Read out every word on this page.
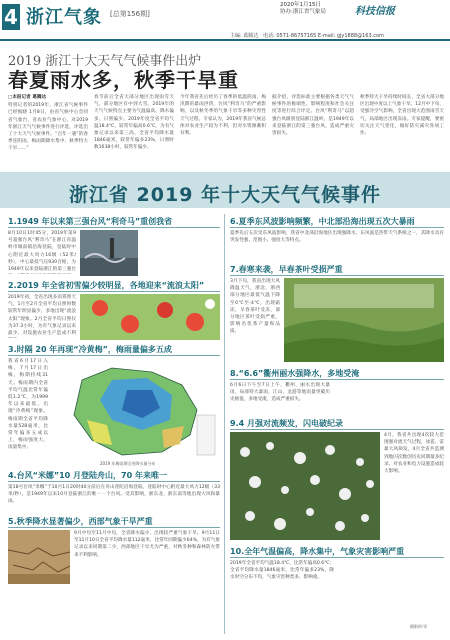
4 浙江气象 [总第156期]
2020年1月15日
协办:浙江省气象局	科技信报
主编: 葛腾达 电话: 0571-86757165 E-mail: gjy1888@163.com
2019 浙江十大天气气候事件出炉
春夏雨水多，秋季干旱重
□本报记者 葛腾达
特别记者的2019年，浙江省气候事件已经揭晓 1月8日，由省气候中心会同省气象台、省农业气象中心，对2019 年浙江天气气候事件进行评选，评选出了十大天气气候事件。“百年一遇”的春季连阴雨、梅雨期降水集中、秋季特大干旱……”
春节前后全省大部分地区出现雨雪天气，部分地区有中到大雪。2019年的天气气候特点主要为气温偏高、降水偏多、日照偏少。2019年度全省平均气温18.4℃，较常年偏高0.6℃，为有气象记录以来第三高，全省平均降水量1846毫米，较常年偏多23%，日照时数1638小时，较常年偏少。
今年我省先后经历了春季的低温阴雨、梅汛期的暴雨洪涝、台风“利奇马”的严重影响，以及秋冬季的气象干旱等多种灾害性天气过程。专家认为，2019年我省气候总体对农业生产较为不利，但对水资源蓄积有利。
据介绍，评选标准主要根据各类天气气候事件的极端性、影响程度和社会关注度等进行综合评定。台风“利奇马”以超强台风级别登陆浙江温岭，是1949年以来登陆浙江的第三强台风，造成严重灾害损失。
秋季特大干旱持续时间长，全省大部分地区出现中度以上气象干旱。12月中下旬，受强冷空气影响，全省出现大范围雨雪天气，局部地区出现冻雨。专家提醒，要密切关注天气变化，做好防灾减灾各项工作。
浙江省 2019 年十大天气气候事件
1.1949 年以来第三强台风“利奇马”重创我省
8月10日1时45分，2019年第9号超强台风“利奇马”在浙江省温岭市城南镇沿海登陆，登陆时中心附近最大风力16级（52米/秒），中心最低气压930百帕，为1949年以来登陆浙江的第三强台
2.2019 年全省初雪偏少较明显，各地迎来“流浪太阳”
2019年初，全省出现多雨寡照天气，1月至2月全省平均日照时数较常年明显偏少，多地出现“流浪太阳”现象。2月全省平均日照仅为37.3小时，为有气象记录以来最少，对设施农业生产造成不利
3.时隔 20 年再现“冷黄梅”，梅雨量偏多五成
我省6月17日入梅，7月17日出梅，梅期持续31天。梅雨期内全省平均气温比常年偏低1.2℃，为1999年以来最低，出现“冷黄梅”现象。梅雨期全省平均降水量528毫米，比常年偏多五成以上，梅雨强度大，雨量集中。
2019 年梅雨期全省降水量分布
4.台风“米娜”10 月登陆舟山，70 年来唯一
第18号台风“米娜”于10月1日20时40分前后在舟山普陀沿海登陆，登陆时中心附近最大风力12级（33米/秒），是1949年以来10月登陆浙江的唯一一个台风。受其影响，浙东北、浙东南等地出现大风和暴雨。
5.秋季降水显著偏少，西部气象干旱严重
9月中旬至11月中旬，全省降水偏少，出现较严重气象干旱。9月11日至11月10日全省平均降水量112毫米，比常年同期偏少64%，为有气象记录以来同期第二少，西部地区干旱尤为严重，对秋冬种和森林防火带来不利影响。
6.夏季东风波影响频繁，中北部沿海出现五次大暴雨
夏季先后五次受东风波影响，我省中北部沿海地区出现强降水。东风波是热带天气系统之一，其降水具有突发性强、范围小、强度大等特点。
7.春寒来袭，早春茶叶受损严重
3月下旬，我省出现大风降温天气，浙北、浙西部分地区最低气温下降至0℃至-4℃，出现霜冻，早春茶叶受冻，部分地区茶叶受损严重，影响名优茶产量和品质。
8.“6.6”衢州丽水强降水，多地受淹
6月6日下午至7日上午，衢州、丽水出现大暴雨，局部特大暴雨，江山、龙游等地雨量突破历史极值，多地受淹，造成严重损失。
9.4 月强对流频发，闪电破纪录
4月，我省共出现4次较大范围强对流天气过程，冰雹、雷暴大风频发，4月全省共监测到地闪次数创历史同期最多纪录，对农业和电力设施造成较大影响。
10.全年气温偏高，降水集中，气象灾害影响严重
2019年全省平均气温18.4℃，比常年偏高0.6℃；全省平均降水量1846毫米，比常年偏多23%，降水时空分布不均，气象灾害种类多、影响重。
摄影/叶军
